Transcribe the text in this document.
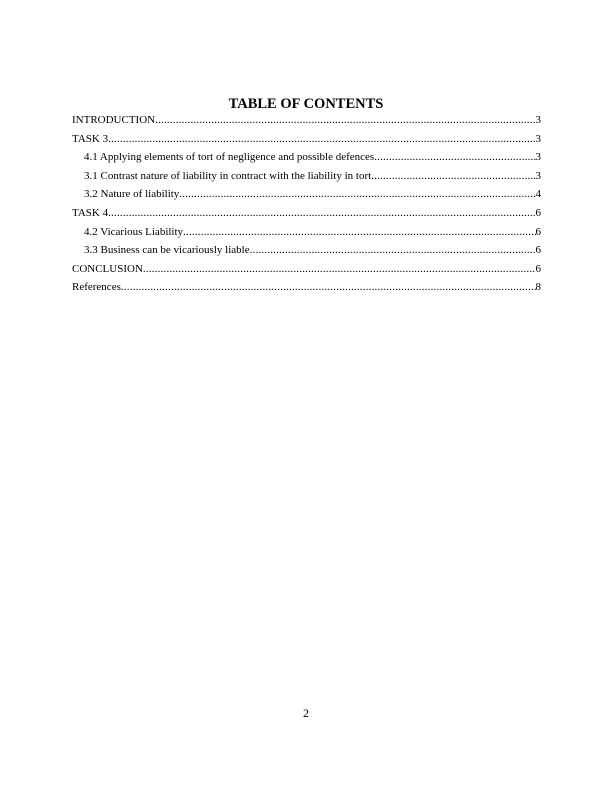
TABLE OF CONTENTS
INTRODUCTION .....	3
TASK 3 .....	3
4.1 Applying elements of tort of negligence and possible defences .....	3
3.1 Contrast nature of liability in contract with the liability in tort .....	3
3.2 Nature of liability .....	4
TASK 4 .....	6
4.2 Vicarious Liability .....	6
3.3 Business can be vicariously liable .....	6
CONCLUSION .....	6
References .....	8
2
